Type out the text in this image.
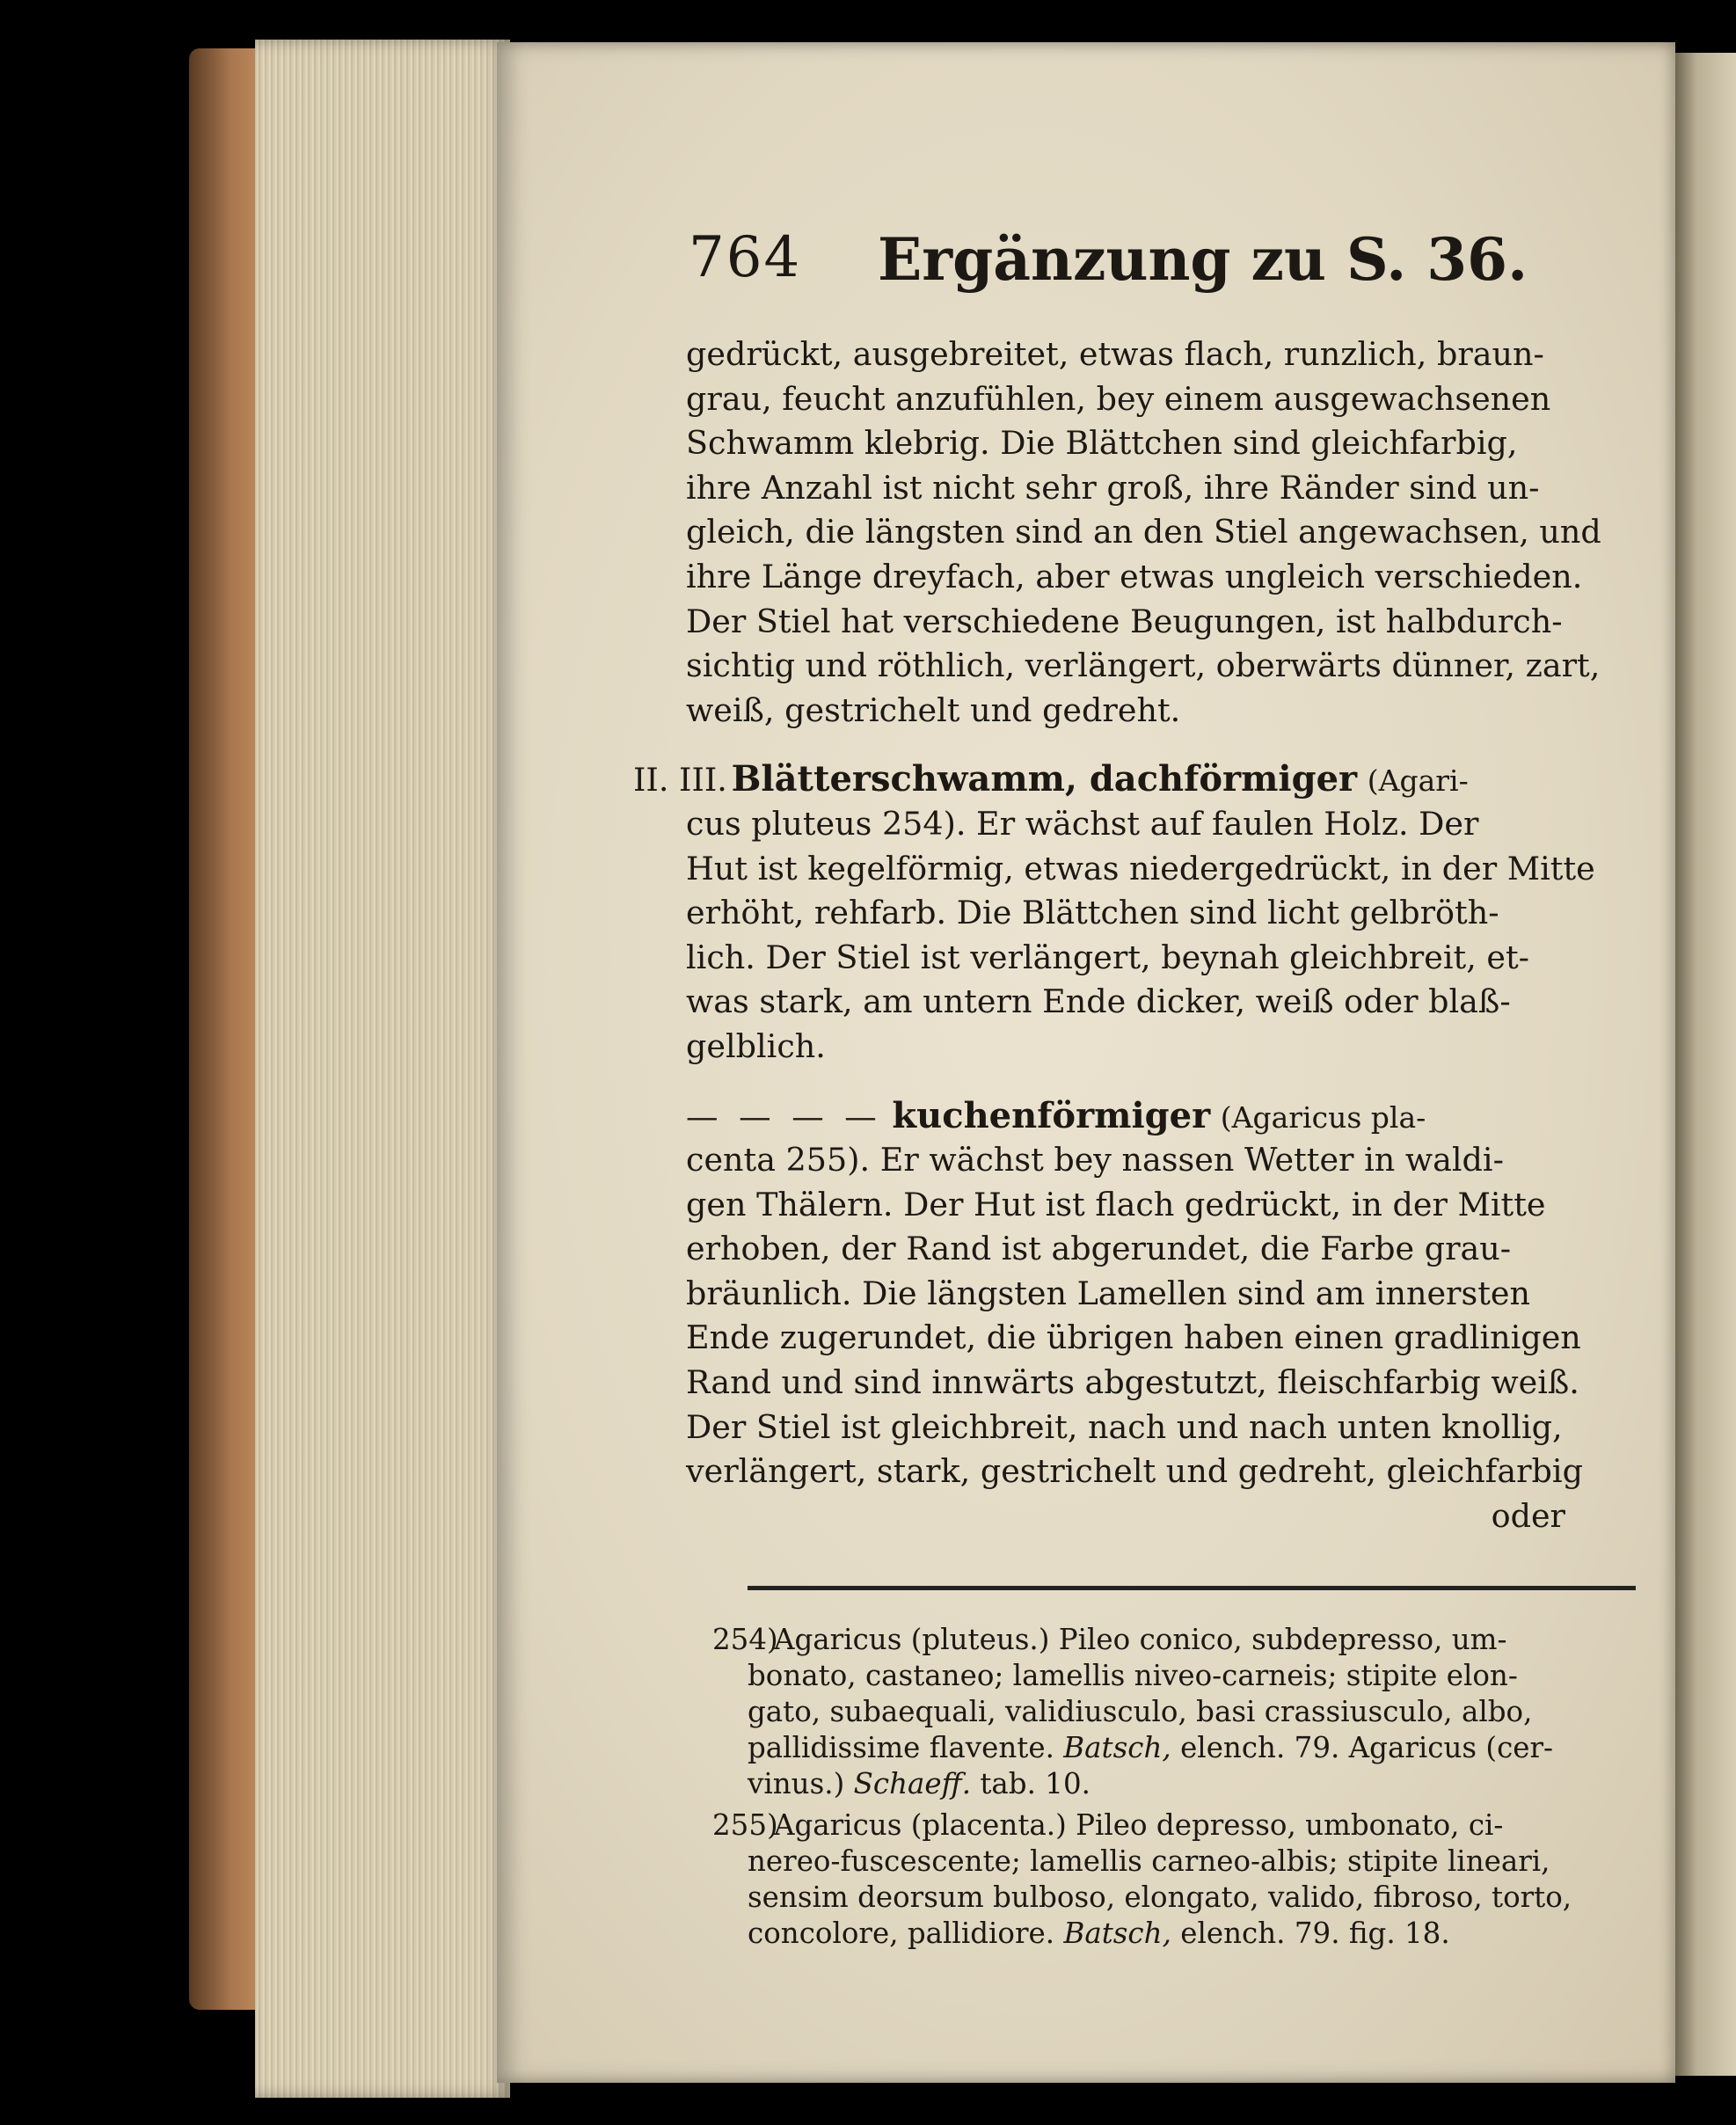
764 Ergänzung zu S. 36.
gedrückt, ausgebreitet, etwas flach, runzlich, braun-
grau, feucht anzufühlen, bey einem ausgewachsenen
Schwamm klebrig. Die Blättchen sind gleichfarbig,
ihre Anzahl ist nicht sehr groß, ihre Ränder sind un-
gleich, die längsten sind an den Stiel angewachsen, und
ihre Länge dreyfach, aber etwas ungleich verschieden.
Der Stiel hat verschiedene Beugungen, ist halbdurch-
sichtig und röthlich, verlängert, oberwärts dünner, zart,
weiß, gestrichelt und gedreht.
II. III. Blätterschwamm, dachförmiger (Agari-
cus pluteus 254). Er wächst auf faulen Holz. Der
Hut ist kegelförmig, etwas niedergedrückt, in der Mitte
erhöht, rehfarb. Die Blättchen sind licht gelbröth-
lich. Der Stiel ist verlängert, beynah gleichbreit, et-
was stark, am untern Ende dicker, weiß oder blaß-
gelblich.
— — — — kuchenförmiger (Agaricus pla-
centa 255). Er wächst bey nassen Wetter in waldi-
gen Thälern. Der Hut ist flach gedrückt, in der Mitte
erhoben, der Rand ist abgerundet, die Farbe grau-
bräunlich. Die längsten Lamellen sind am innersten
Ende zugerundet, die übrigen haben einen gradlinigen
Rand und sind innwärts abgestutzt, fleischfarbig weiß.
Der Stiel ist gleichbreit, nach und nach unten knollig,
verlängert, stark, gestrichelt und gedreht, gleichfarbig
oder
254)Agaricus (pluteus.) Pileo conico, subdepresso, um-
bonato, castaneo; lamellis niveo-carneis; stipite elon-
gato, subaequali, validiusculo, basi crassiusculo, albo,
pallidissime flavente. Batsch, elench. 79. Agaricus (cer-
vinus.) Schaeff. tab. 10.
255)Agaricus (placenta.) Pileo depresso, umbonato, ci-
nereo-fuscescente; lamellis carneo-albis; stipite lineari,
sensim deorsum bulboso, elongato, valido, fibroso, torto,
concolore, pallidiore. Batsch, elench. 79. fig. 18.
